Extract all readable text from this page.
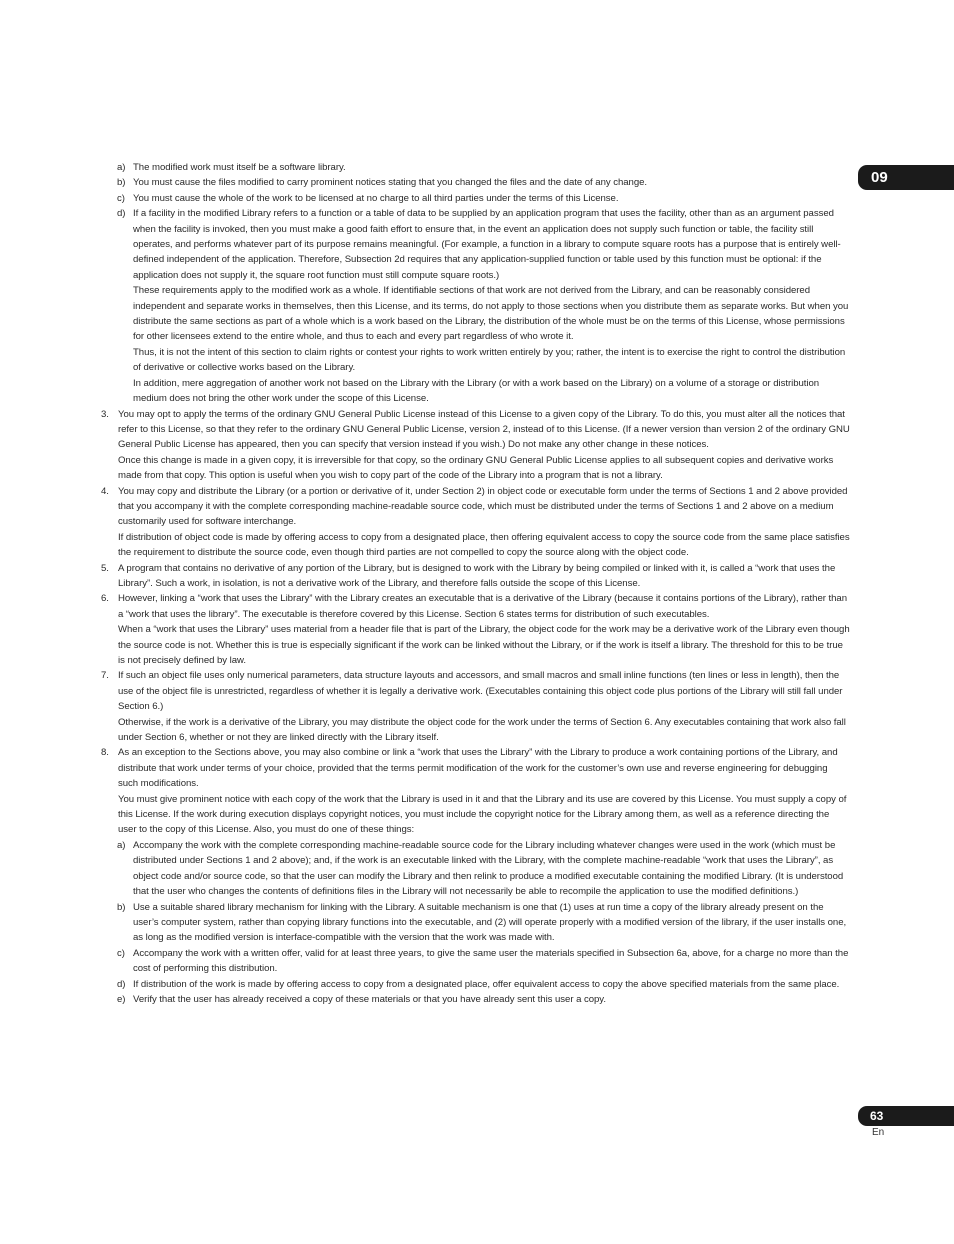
09
a) The modified work must itself be a software library.
b) You must cause the files modified to carry prominent notices stating that you changed the files and the date of any change.
c) You must cause the whole of the work to be licensed at no charge to all third parties under the terms of this License.
d) If a facility in the modified Library refers to a function or a table of data to be supplied by an application program that uses the facility, other than as an argument passed when the facility is invoked, then you must make a good faith effort to ensure that, in the event an application does not supply such function or table, the facility still operates, and performs whatever part of its purpose remains meaningful. (For example, a function in a library to compute square roots has a purpose that is entirely well-defined independent of the application. Therefore, Subsection 2d requires that any application-supplied function or table used by this function must be optional: if the application does not supply it, the square root function must still compute square roots.)
These requirements apply to the modified work as a whole. If identifiable sections of that work are not derived from the Library, and can be reasonably considered independent and separate works in themselves, then this License, and its terms, do not apply to those sections when you distribute them as separate works. But when you distribute the same sections as part of a whole which is a work based on the Library, the distribution of the whole must be on the terms of this License, whose permissions for other licensees extend to the entire whole, and thus to each and every part regardless of who wrote it.
Thus, it is not the intent of this section to claim rights or contest your rights to work written entirely by you; rather, the intent is to exercise the right to control the distribution of derivative or collective works based on the Library.
In addition, mere aggregation of another work not based on the Library with the Library (or with a work based on the Library) on a volume of a storage or distribution medium does not bring the other work under the scope of this License.
3. You may opt to apply the terms of the ordinary GNU General Public License instead of this License to a given copy of the Library. To do this, you must alter all the notices that refer to this License, so that they refer to the ordinary GNU General Public License, version 2, instead of to this License. (If a newer version than version 2 of the ordinary GNU General Public License has appeared, then you can specify that version instead if you wish.) Do not make any other change in these notices.
Once this change is made in a given copy, it is irreversible for that copy, so the ordinary GNU General Public License applies to all subsequent copies and derivative works made from that copy. This option is useful when you wish to copy part of the code of the Library into a program that is not a library.
4. You may copy and distribute the Library (or a portion or derivative of it, under Section 2) in object code or executable form under the terms of Sections 1 and 2 above provided that you accompany it with the complete corresponding machine-readable source code, which must be distributed under the terms of Sections 1 and 2 above on a medium customarily used for software interchange.
If distribution of object code is made by offering access to copy from a designated place, then offering equivalent access to copy the source code from the same place satisfies the requirement to distribute the source code, even though third parties are not compelled to copy the source along with the object code.
5. A program that contains no derivative of any portion of the Library, but is designed to work with the Library by being compiled or linked with it, is called a “work that uses the Library”. Such a work, in isolation, is not a derivative work of the Library, and therefore falls outside the scope of this License.
6. However, linking a “work that uses the Library” with the Library creates an executable that is a derivative of the Library (because it contains portions of the Library), rather than a “work that uses the library”. The executable is therefore covered by this License. Section 6 states terms for distribution of such executables.
When a “work that uses the Library” uses material from a header file that is part of the Library, the object code for the work may be a derivative work of the Library even though the source code is not. Whether this is true is especially significant if the work can be linked without the Library, or if the work is itself a library. The threshold for this to be true is not precisely defined by law.
7. If such an object file uses only numerical parameters, data structure layouts and accessors, and small macros and small inline functions (ten lines or less in length), then the use of the object file is unrestricted, regardless of whether it is legally a derivative work. (Executables containing this object code plus portions of the Library will still fall under Section 6.)
Otherwise, if the work is a derivative of the Library, you may distribute the object code for the work under the terms of Section 6. Any executables containing that work also fall under Section 6, whether or not they are linked directly with the Library itself.
8. As an exception to the Sections above, you may also combine or link a “work that uses the Library” with the Library to produce a work containing portions of the Library, and distribute that work under terms of your choice, provided that the terms permit modification of the work for the customer’s own use and reverse engineering for debugging such modifications.
You must give prominent notice with each copy of the work that the Library is used in it and that the Library and its use are covered by this License. You must supply a copy of this License. If the work during execution displays copyright notices, you must include the copyright notice for the Library among them, as well as a reference directing the user to the copy of this License. Also, you must do one of these things:
a) Accompany the work with the complete corresponding machine-readable source code for the Library including whatever changes were used in the work (which must be distributed under Sections 1 and 2 above); and, if the work is an executable linked with the Library, with the complete machine-readable “work that uses the Library”, as object code and/or source code, so that the user can modify the Library and then relink to produce a modified executable containing the modified Library. (It is understood that the user who changes the contents of definitions files in the Library will not necessarily be able to recompile the application to use the modified definitions.)
b) Use a suitable shared library mechanism for linking with the Library. A suitable mechanism is one that (1) uses at run time a copy of the library already present on the user’s computer system, rather than copying library functions into the executable, and (2) will operate properly with a modified version of the library, if the user installs one, as long as the modified version is interface-compatible with the version that the work was made with.
c) Accompany the work with a written offer, valid for at least three years, to give the same user the materials specified in Subsection 6a, above, for a charge no more than the cost of performing this distribution.
d) If distribution of the work is made by offering access to copy from a designated place, offer equivalent access to copy the above specified materials from the same place.
e) Verify that the user has already received a copy of these materials or that you have already sent this user a copy.
63
En
